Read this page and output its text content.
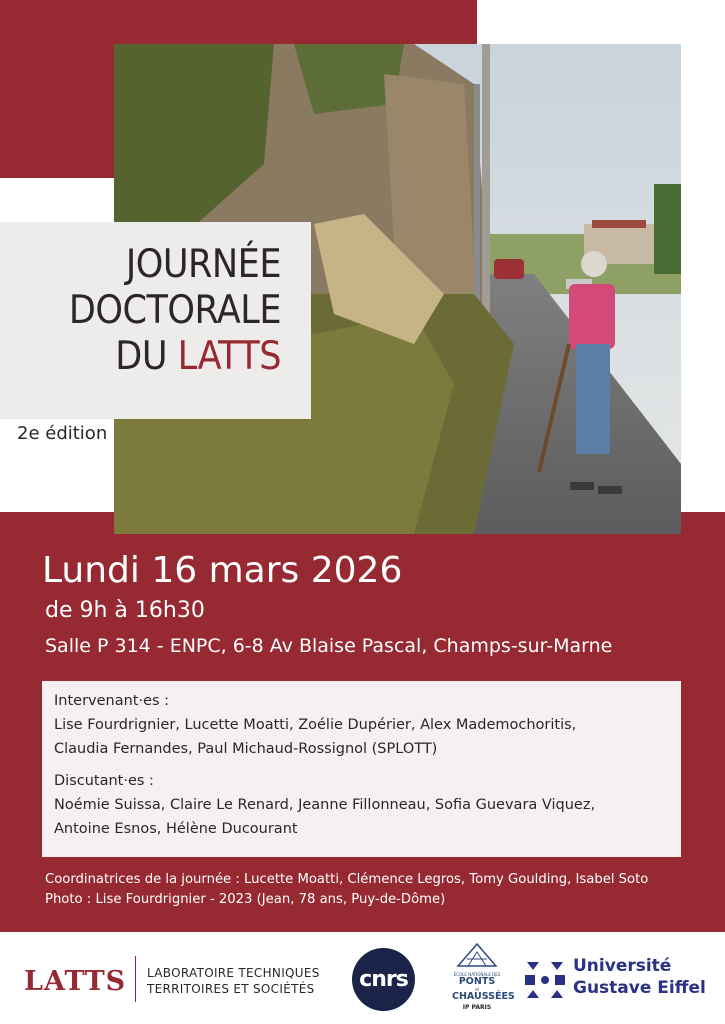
JOURNÉE
DOCTORALE
DU LATTS
2e édition
Lundi 16 mars 2026
de 9h à 16h30
Salle P 314 - ENPC, 6-8 Av Blaise Pascal, Champs-sur-Marne
Intervenant·es :
Lise Fourdrignier, Lucette Moatti, Zoélie Dupérier, Alex Mademochoritis,
Claudia Fernandes, Paul Michaud-Rossignol (SPLOTT)
Discutant·es :
Noémie Suissa, Claire Le Renard, Jeanne Fillonneau, Sofia Guevara Viquez,
Antoine Esnos, Hélène Ducourant
Coordinatrices de la journée : Lucette Moatti, Clémence Legros, Tomy Goulding, Isabel Soto
Photo : Lise Fourdrignier - 2023 (Jean, 78 ans, Puy-de-Dôme)
LATTS LABORATOIRE TECHNIQUES
TERRITOIRES ET SOCIÉTÉS	cnrs	ÉCOLE NATIONALE DES
PONTS
et
CHAUSSÉES
IP PARIS
Université
Gustave Eiffel
